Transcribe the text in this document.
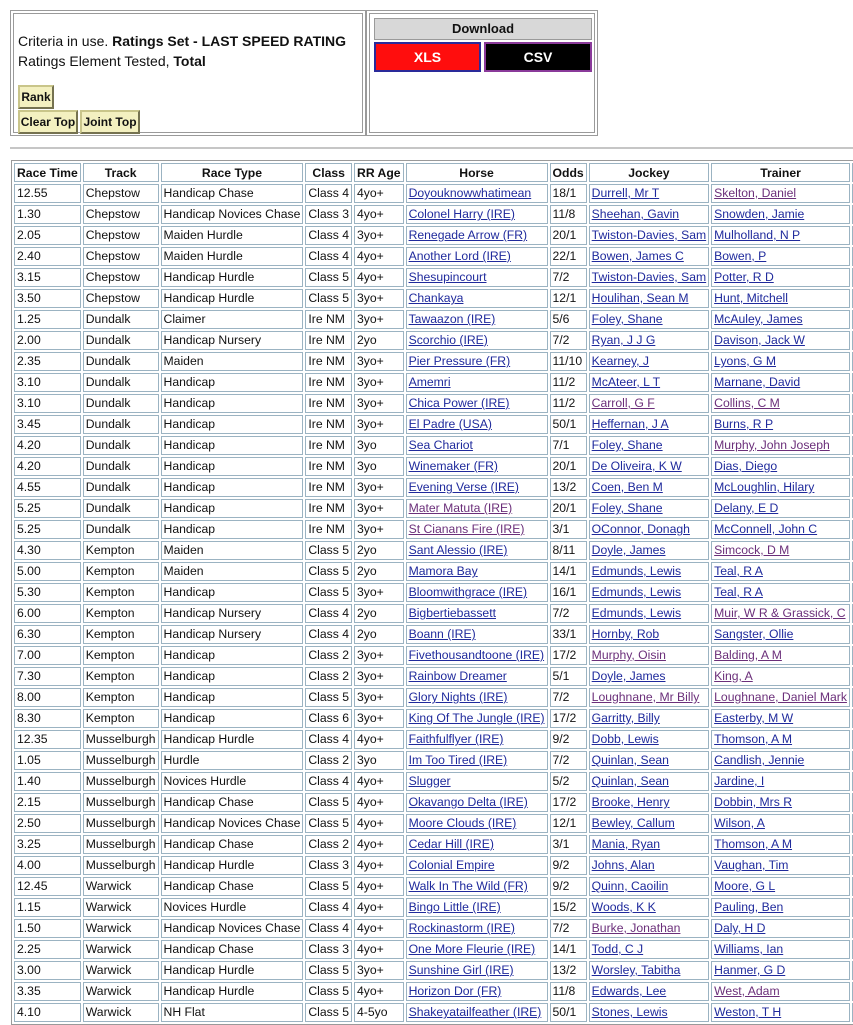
Criteria in use. Ratings Set - LAST SPEED RATING
Ratings Element Tested, Total
Rank
Clear Top Joint Top
Download
XLS	CSV
Race Time	Track	Race Type	Class	RR Age	Horse	Odds	Jockey	Trainer	
12.55	Chepstow	Handicap Chase	Class 4	4yo+	Doyouknowwhatimean	18/1	Durrell, Mr T	Skelton, Daniel	
1.30	Chepstow	Handicap Novices Chase	Class 3	4yo+	Colonel Harry (IRE)	11/8	Sheehan, Gavin	Snowden, Jamie	
2.05	Chepstow	Maiden Hurdle	Class 4	3yo+	Renegade Arrow (FR)	20/1	Twiston-Davies, Sam	Mulholland, N P	
2.40	Chepstow	Maiden Hurdle	Class 4	4yo+	Another Lord (IRE)	22/1	Bowen, James C	Bowen, P	
3.15	Chepstow	Handicap Hurdle	Class 5	4yo+	Shesupincourt	7/2	Twiston-Davies, Sam	Potter, R D	
3.50	Chepstow	Handicap Hurdle	Class 5	3yo+	Chankaya	12/1	Houlihan, Sean M	Hunt, Mitchell	
1.25	Dundalk	Claimer	Ire NM	3yo+	Tawaazon (IRE)	5/6	Foley, Shane	McAuley, James	
2.00	Dundalk	Handicap Nursery	Ire NM	2yo	Scorchio (IRE)	7/2	Ryan, J J G	Davison, Jack W	
2.35	Dundalk	Maiden	Ire NM	3yo+	Pier Pressure (FR)	11/10	Kearney, J	Lyons, G M	
3.10	Dundalk	Handicap	Ire NM	3yo+	Amemri	11/2	McAteer, L T	Marnane, David	
3.10	Dundalk	Handicap	Ire NM	3yo+	Chica Power (IRE)	11/2	Carroll, G F	Collins, C M	
3.45	Dundalk	Handicap	Ire NM	3yo+	El Padre (USA)	50/1	Heffernan, J A	Burns, R P	
4.20	Dundalk	Handicap	Ire NM	3yo	Sea Chariot	7/1	Foley, Shane	Murphy, John Joseph	
4.20	Dundalk	Handicap	Ire NM	3yo	Winemaker (FR)	20/1	De Oliveira, K W	Dias, Diego	
4.55	Dundalk	Handicap	Ire NM	3yo+	Evening Verse (IRE)	13/2	Coen, Ben M	McLoughlin, Hilary	
5.25	Dundalk	Handicap	Ire NM	3yo+	Mater Matuta (IRE)	20/1	Foley, Shane	Delany, E D	
5.25	Dundalk	Handicap	Ire NM	3yo+	St Cianans Fire (IRE)	3/1	OConnor, Donagh	McConnell, John C	
4.30	Kempton	Maiden	Class 5	2yo	Sant Alessio (IRE)	8/11	Doyle, James	Simcock, D M	
5.00	Kempton	Maiden	Class 5	2yo	Mamora Bay	14/1	Edmunds, Lewis	Teal, R A	
5.30	Kempton	Handicap	Class 5	3yo+	Bloomwithgrace (IRE)	16/1	Edmunds, Lewis	Teal, R A	
6.00	Kempton	Handicap Nursery	Class 4	2yo	Bigbertiebassett	7/2	Edmunds, Lewis	Muir, W R & Grassick, C	
6.30	Kempton	Handicap Nursery	Class 4	2yo	Boann (IRE)	33/1	Hornby, Rob	Sangster, Ollie	
7.00	Kempton	Handicap	Class 2	3yo+	Fivethousandtoone (IRE)	17/2	Murphy, Oisin	Balding, A M	
7.30	Kempton	Handicap	Class 2	3yo+	Rainbow Dreamer	5/1	Doyle, James	King, A	
8.00	Kempton	Handicap	Class 5	3yo+	Glory Nights (IRE)	7/2	Loughnane, Mr Billy	Loughnane, Daniel Mark	
8.30	Kempton	Handicap	Class 6	3yo+	King Of The Jungle (IRE)	17/2	Garritty, Billy	Easterby, M W	
12.35	Musselburgh	Handicap Hurdle	Class 4	4yo+	Faithfulflyer (IRE)	9/2	Dobb, Lewis	Thomson, A M	
1.05	Musselburgh	Hurdle	Class 2	3yo	Im Too Tired (IRE)	7/2	Quinlan, Sean	Candlish, Jennie	
1.40	Musselburgh	Novices Hurdle	Class 4	4yo+	Slugger	5/2	Quinlan, Sean	Jardine, I	
2.15	Musselburgh	Handicap Chase	Class 5	4yo+	Okavango Delta (IRE)	17/2	Brooke, Henry	Dobbin, Mrs R	
2.50	Musselburgh	Handicap Novices Chase	Class 5	4yo+	Moore Clouds (IRE)	12/1	Bewley, Callum	Wilson, A	
3.25	Musselburgh	Handicap Chase	Class 2	4yo+	Cedar Hill (IRE)	3/1	Mania, Ryan	Thomson, A M	
4.00	Musselburgh	Handicap Hurdle	Class 3	4yo+	Colonial Empire	9/2	Johns, Alan	Vaughan, Tim	
12.45	Warwick	Handicap Chase	Class 5	4yo+	Walk In The Wild (FR)	9/2	Quinn, Caoilin	Moore, G L	
1.15	Warwick	Novices Hurdle	Class 4	4yo+	Bingo Little (IRE)	15/2	Woods, K K	Pauling, Ben	
1.50	Warwick	Handicap Novices Chase	Class 4	4yo+	Rockinastorm (IRE)	7/2	Burke, Jonathan	Daly, H D	
2.25	Warwick	Handicap Chase	Class 3	4yo+	One More Fleurie (IRE)	14/1	Todd, C J	Williams, Ian	
3.00	Warwick	Handicap Hurdle	Class 5	3yo+	Sunshine Girl (IRE)	13/2	Worsley, Tabitha	Hanmer, G D	
3.35	Warwick	Handicap Hurdle	Class 5	4yo+	Horizon Dor (FR)	11/8	Edwards, Lee	West, Adam	
4.10	Warwick	NH Flat	Class 5	4-5yo	Shakeyatailfeather (IRE)	50/1	Stones, Lewis	Weston, T H	
